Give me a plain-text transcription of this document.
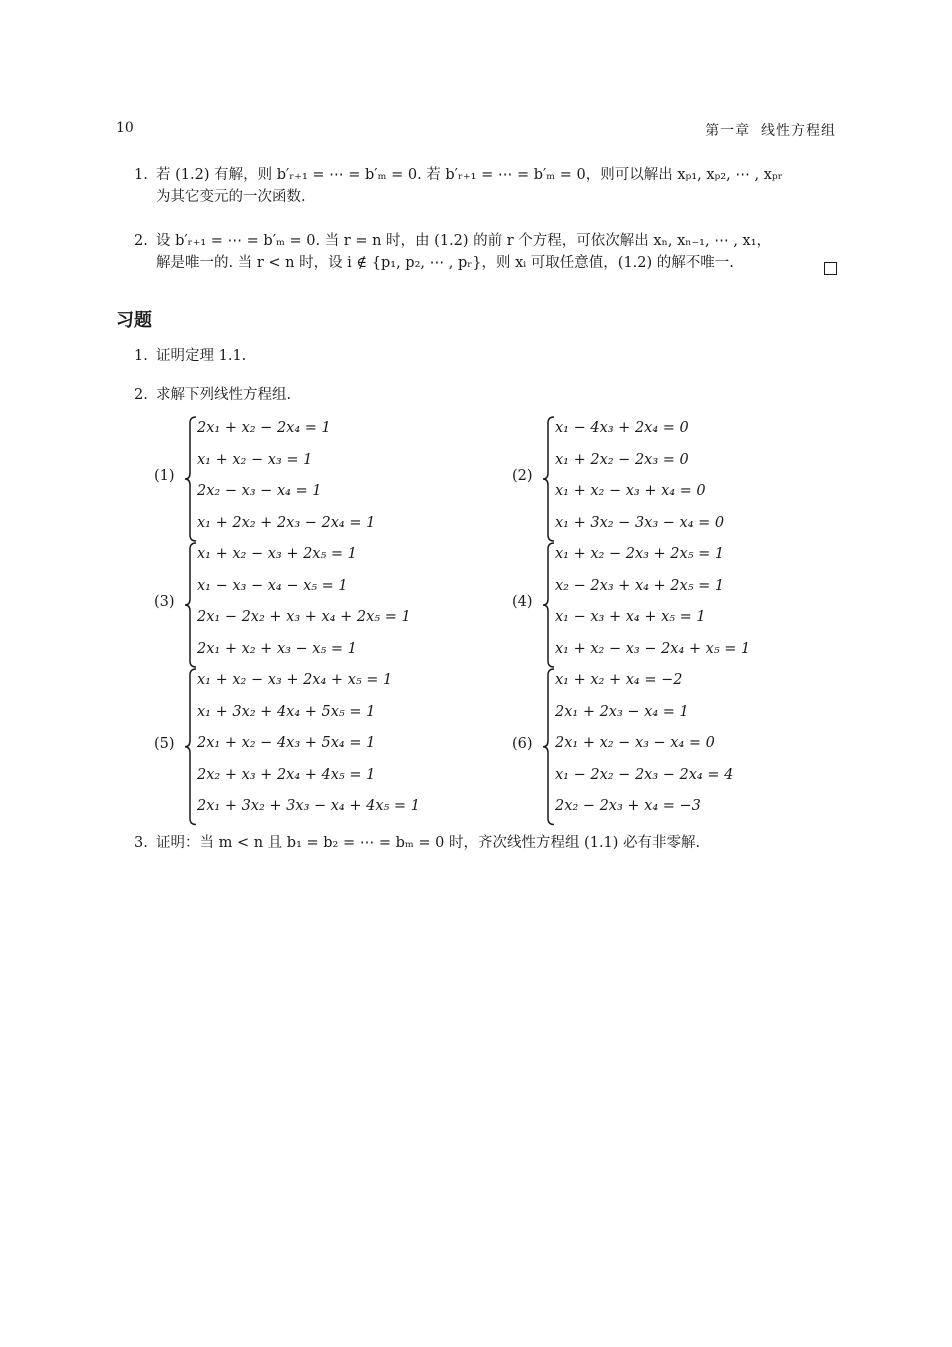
10	第一章  线性方程组
1. 若 (1.2) 有解，则 b′ᵣ₊₁ = ⋯ = b′ₘ = 0. 若 b′ᵣ₊₁ = ⋯ = b′ₘ = 0，则可以解出 xₚ₁, xₚ₂, ⋯ , xₚᵣ
为其它变元的一次函数.
2. 设 b′ᵣ₊₁ = ⋯ = b′ₘ = 0. 当 r = n 时，由 (1.2) 的前 r 个方程，可依次解出 xₙ, xₙ₋₁, ⋯ , x₁，
解是唯一的. 当 r < n 时，设 i ∉ {p₁, p₂, ⋯ , pᵣ}，则 xᵢ 可取任意值，(1.2) 的解不唯一.
习题
1. 证明定理 1.1.
2. 求解下列线性方程组.
(1)
2x₁ + x₂ − 2x₄ = 1
x₁ + x₂ − x₃ = 1
2x₂ − x₃ − x₄ = 1
x₁ + 2x₂ + 2x₃ − 2x₄ = 1
(2)
x₁ − 4x₃ + 2x₄ = 0
x₁ + 2x₂ − 2x₃ = 0
x₁ + x₂ − x₃ + x₄ = 0
x₁ + 3x₂ − 3x₃ − x₄ = 0
(3)
x₁ + x₂ − x₃ + 2x₅ = 1
x₁ − x₃ − x₄ − x₅ = 1
2x₁ − 2x₂ + x₃ + x₄ + 2x₅ = 1
2x₁ + x₂ + x₃ − x₅ = 1
(4)
x₁ + x₂ − 2x₃ + 2x₅ = 1
x₂ − 2x₃ + x₄ + 2x₅ = 1
x₁ − x₃ + x₄ + x₅ = 1
x₁ + x₂ − x₃ − 2x₄ + x₅ = 1
(5)
x₁ + x₂ − x₃ + 2x₄ + x₅ = 1
x₁ + 3x₂ + 4x₄ + 5x₅ = 1
2x₁ + x₂ − 4x₃ + 5x₄ = 1
2x₂ + x₃ + 2x₄ + 4x₅ = 1
2x₁ + 3x₂ + 3x₃ − x₄ + 4x₅ = 1
(6)
x₁ + x₂ + x₄ = −2
2x₁ + 2x₃ − x₄ = 1
2x₁ + x₂ − x₃ − x₄ = 0
x₁ − 2x₂ − 2x₃ − 2x₄ = 4
2x₂ − 2x₃ + x₄ = −3
3. 证明：当 m < n 且 b₁ = b₂ = ⋯ = bₘ = 0 时，齐次线性方程组 (1.1) 必有非零解.
